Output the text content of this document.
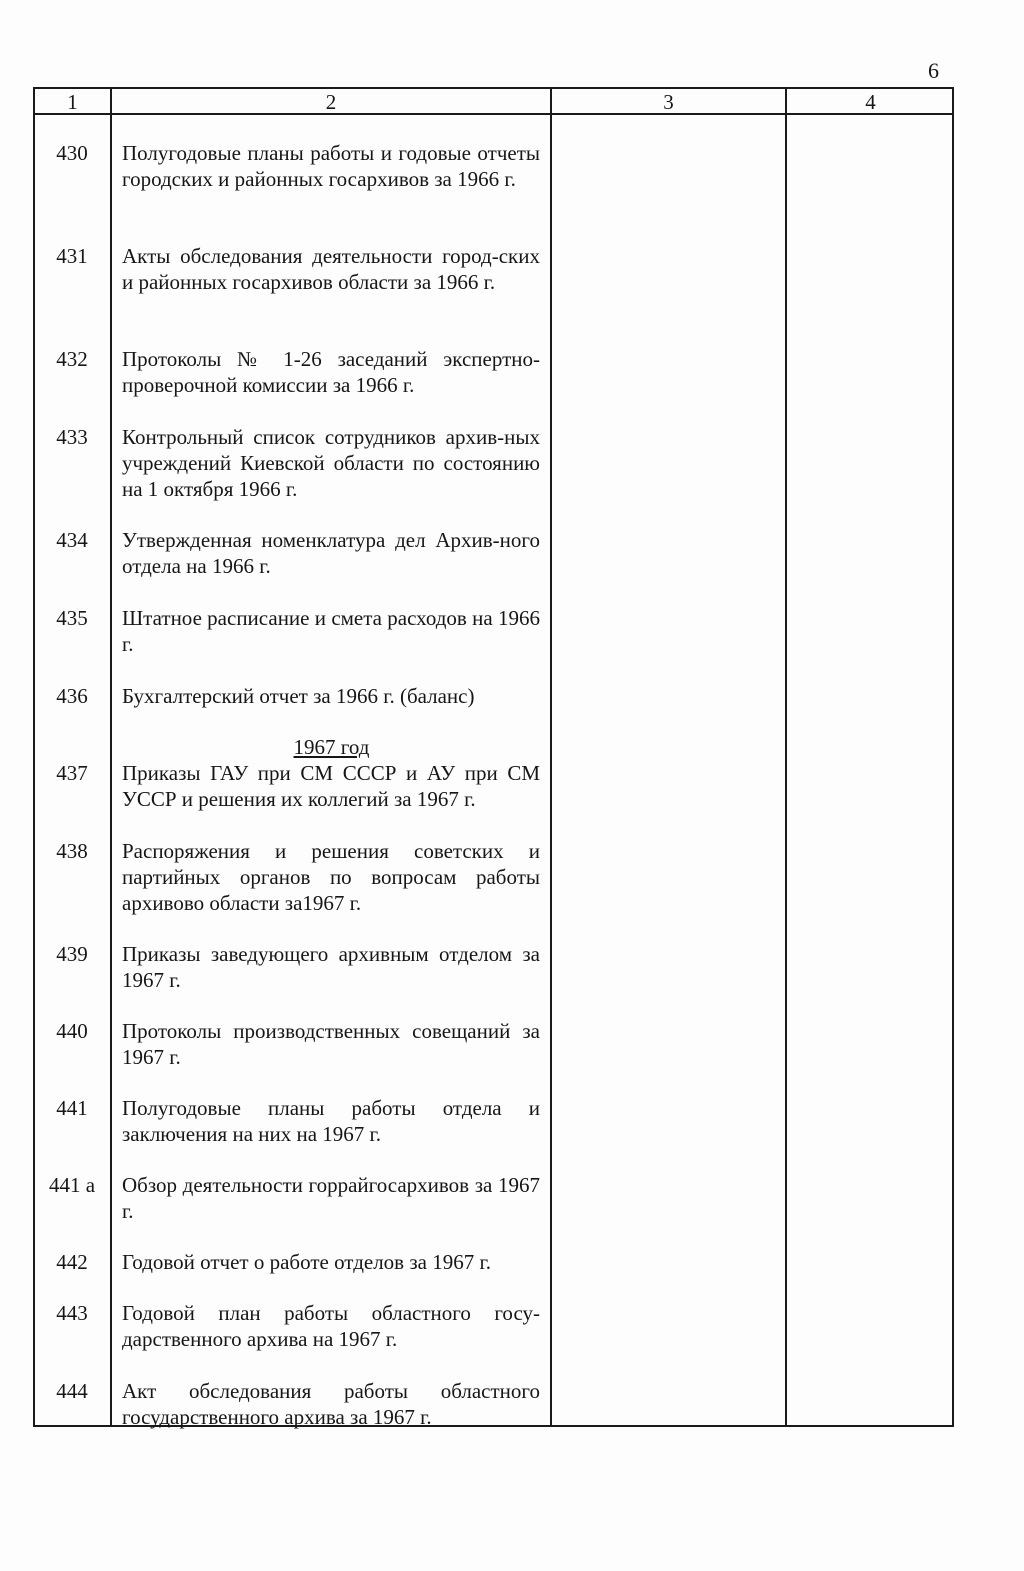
6
1	2	3	4
430	Полугодовые планы работы и годовые отчеты городских и районных госархивов за 1966 г.
431	Акты обследования деятельности город-ских и районных госархивов области за 1966 г.
432	Протоколы № 1-26 заседаний экспертно-проверочной комиссии за 1966 г.
433	Контрольный список сотрудников архив-ных учреждений Киевской области по состоянию на 1 октября 1966 г.
434	Утвержденная номенклатура дел Архив-ного отдела на 1966 г.
435	Штатное расписание и смета расходов на 1966 г.
436	Бухгалтерский отчет за 1966 г. (баланс)
1967 год
437	Приказы ГАУ при СМ СССР и АУ при СМ УССР и решения их коллегий за 1967 г.
438	Распоряжения и решения советских и партийных органов по вопросам работы архивово области за1967 г.
439	Приказы заведующего архивным отделом за 1967 г.
440	Протоколы производственных совещаний за 1967 г.
441	Полугодовые планы работы отдела и заключения на них на 1967 г.
441 а	Обзор деятельности горрайгосархивов за 1967 г.
442	Годовой отчет о работе отделов за 1967 г.
443	Годовой план работы областного госу-дарственного архива на 1967 г.
444	Акт обследования работы областного государственного архива за 1967 г.
